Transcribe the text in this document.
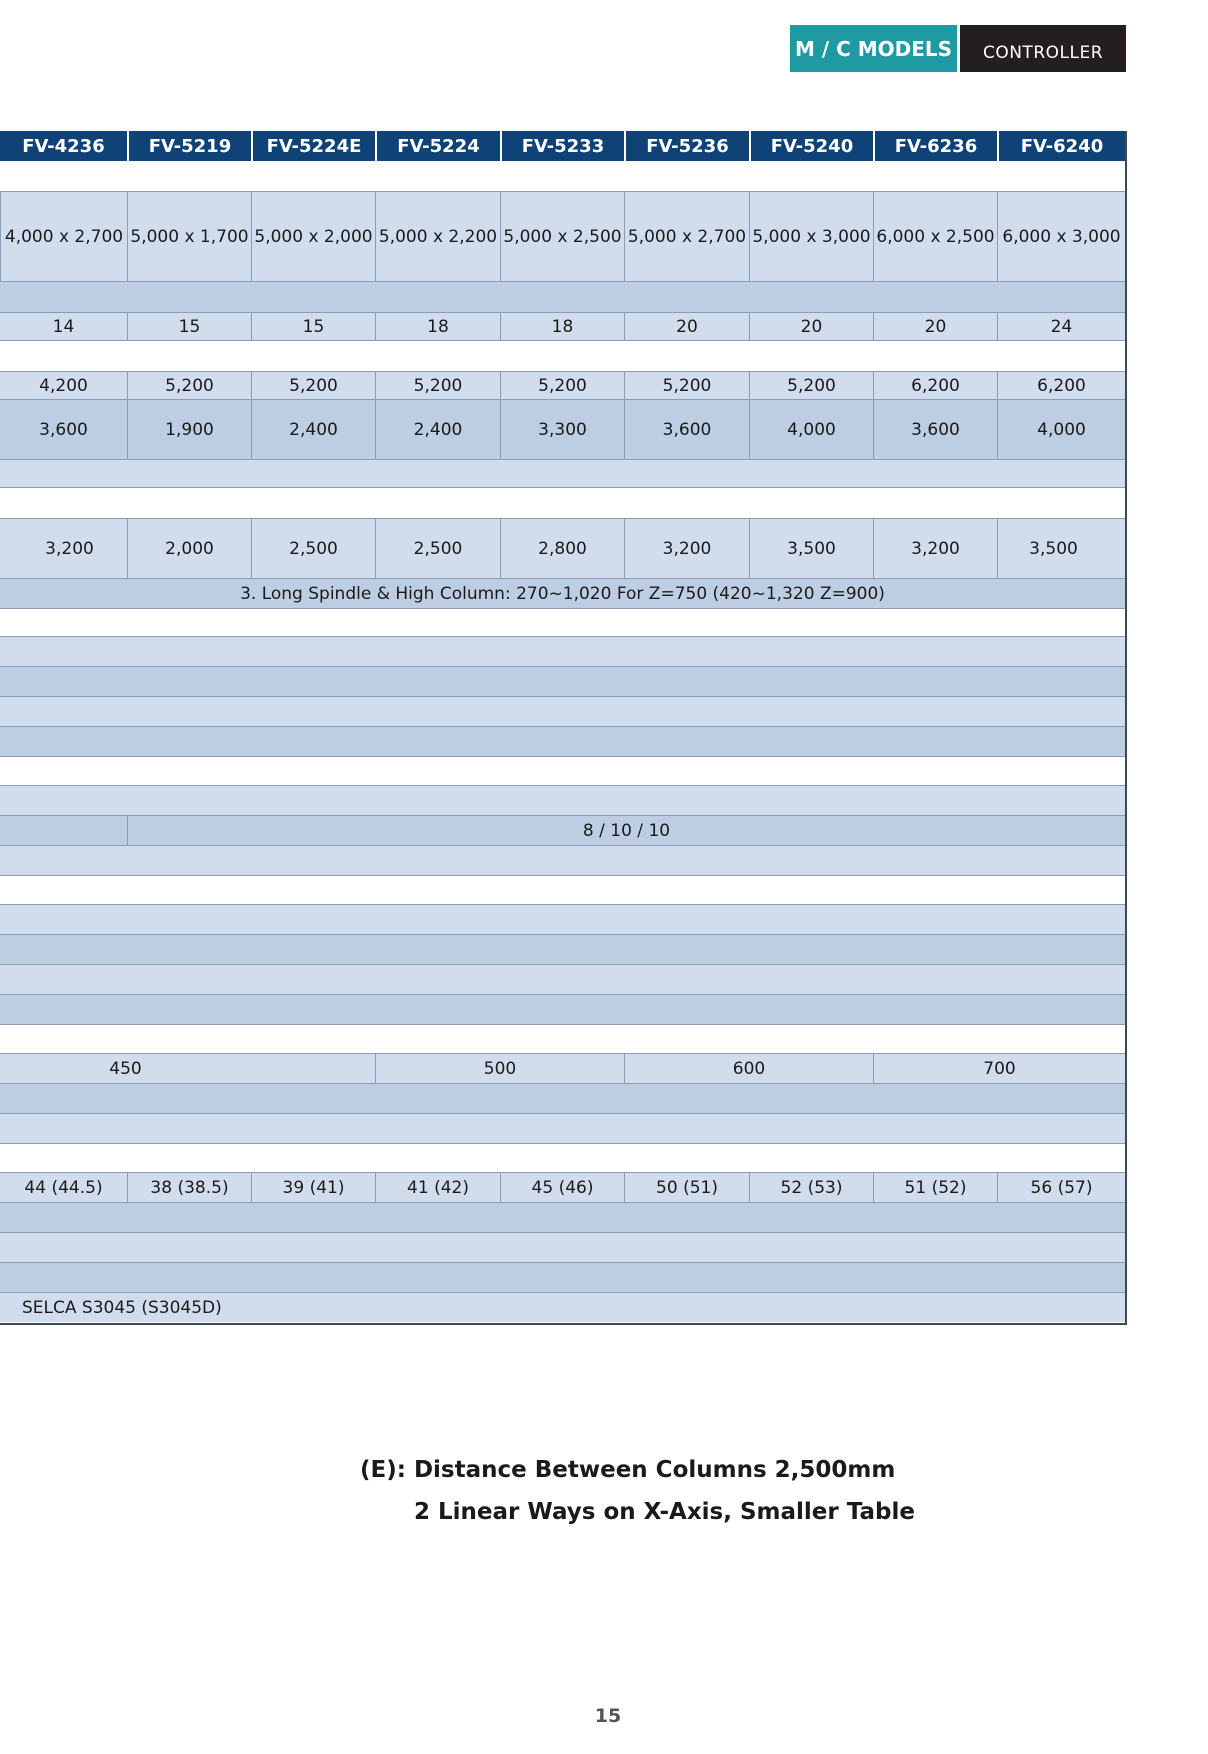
M / C MODELS CONTROLLER
FV-4236	FV-5219	FV-5224E	FV-5224	FV-5233	FV-5236	FV-5240	FV-6236	FV-6240
4,000 x 2,700 5,000 x 1,700 5,000 x 2,000 5,000 x 2,200 5,000 x 2,500 5,000 x 2,700 5,000 x 3,000 6,000 x 2,500 6,000 x 3,000
14	15	15	18	18	20	20	20	24
4,200	5,200	5,200	5,200	5,200	5,200	5,200	6,200	6,200
3,600	1,900	2,400	2,400	3,300	3,600	4,000	3,600	4,000
3,200	2,000	2,500	2,500	2,800	3,200	3,500	3,200	3,500
3. Long Spindle & High Column: 270~1,020 For Z=750 (420~1,320 Z=900)
8 / 10 / 10
450	500	600	700
44 (44.5)	38 (38.5)	39 (41)	41 (42)	45 (46)	50 (51)	52 (53)	51 (52)	56 (57)
SELCA S3045 (S3045D)
(E): Distance Between Columns 2,500mm
2 Linear Ways on X-Axis, Smaller Table
15
